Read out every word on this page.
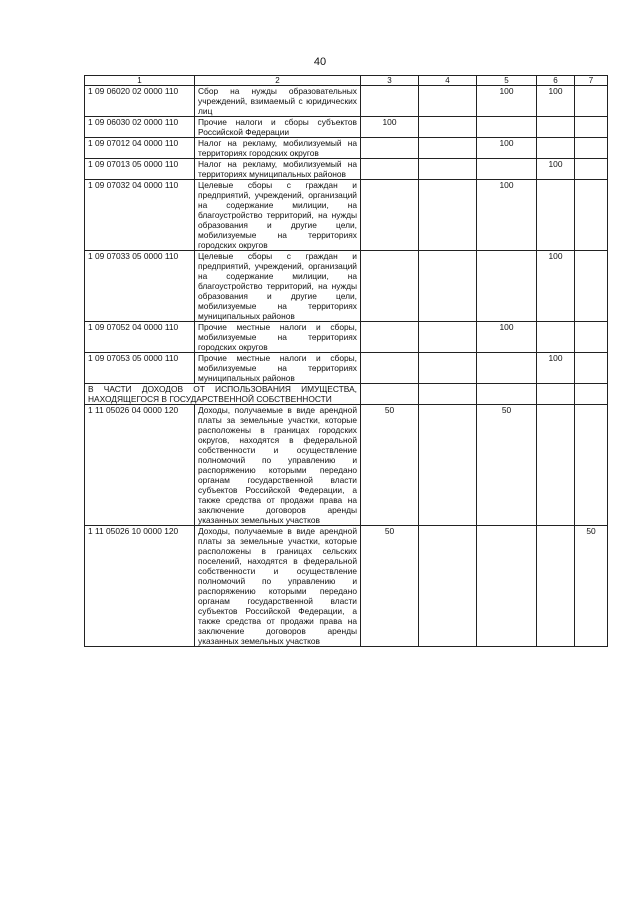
40
1	2	3	4	5	6	7
1 09 06020 02 0000 110	Сбор на нужды образовательных учреждений, взимаемый с юридических лиц			100	100	
1 09 06030 02 0000 110	Прочие налоги и сборы субъектов Российской Федерации	100				
1 09 07012 04 0000 110	Налог на рекламу, мобилизуемый на территориях городских округов			100		
1 09 07013 05 0000 110	Налог на рекламу, мобилизуемый на территориях муниципальных районов				100	
1 09 07032 04 0000 110	Целевые сборы с граждан и предприятий, учреждений, организаций на содержание милиции, на благоустройство территорий, на нужды образования и другие цели, мобилизуемые на территориях городских округов			100		
1 09 07033 05 0000 110	Целевые сборы с граждан и предприятий, учреждений, организаций на содержание милиции, на благоустройство территорий, на нужды образования и другие цели, мобилизуемые на территориях муниципальных районов				100	
1 09 07052 04 0000 110	Прочие местные налоги и сборы, мобилизуемые на территориях городских округов			100		
1 09 07053 05 0000 110	Прочие местные налоги и сборы, мобилизуемые на территориях муниципальных районов				100	
В ЧАСТИ ДОХОДОВ ОТ ИСПОЛЬЗОВАНИЯ ИМУЩЕСТВА, НАХОДЯЩЕГОСЯ В ГОСУДАРСТВЕННОЙ СОБСТВЕННОСТИ						
1 11 05026 04 0000 120	Доходы, получаемые в виде арендной платы за земельные участки, которые расположены в границах городских округов, находятся в федеральной собственности и осуществление полномочий по управлению и распоряжению которыми передано органам государственной власти субъектов Российской Федерации, а также средства от продажи права на заключение договоров аренды указанных земельных участков	50		50		
1 11 05026 10 0000 120	Доходы, получаемые в виде арендной платы за земельные участки, которые расположены в границах сельских поселений, находятся в федеральной собственности и осуществление полномочий по управлению и распоряжению которыми передано органам государственной власти субъектов Российской Федерации, а также средства от продажи права на заключение договоров аренды указанных земельных участков	50				50
